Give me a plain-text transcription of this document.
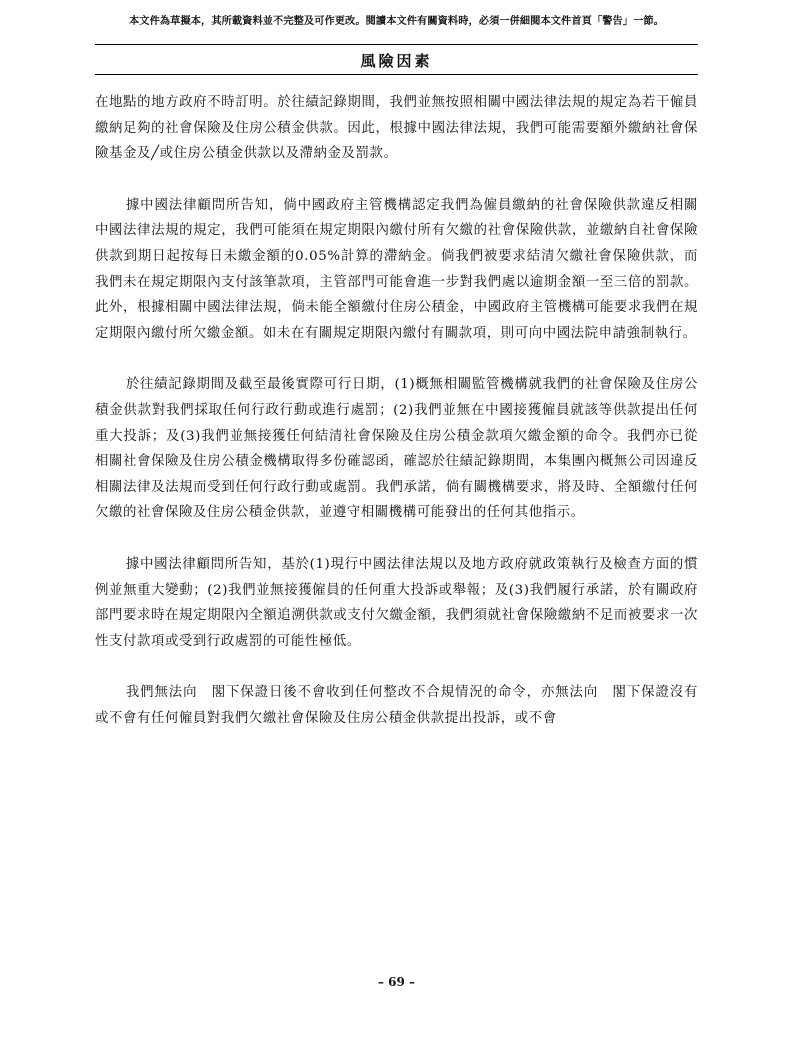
本文件為草擬本，其所載資料並不完整及可作更改。閱讀本文件有關資料時，必須一併細閱本文件首頁「警告」一節。
風險因素

在地點的地方政府不時訂明。於往績記錄期間，我們並無按照相關中國法律法規的規定為若干僱員繳納足夠的社會保險及住房公積金供款。因此，根據中國法律法規，我們可能需要額外繳納社會保險基金及╱或住房公積金供款以及滯納金及罰款。

據中國法律顧問所告知，倘中國政府主管機構認定我們為僱員繳納的社會保險供款違反相關中國法律法規的規定，我們可能須在規定期限內繳付所有欠繳的社會保險供款，並繳納自社會保險供款到期日起按每日未繳金額的0.05%計算的滯納金。倘我們被要求結清欠繳社會保險供款，而我們未在規定期限內支付該筆款項，主管部門可能會進一步對我們處以逾期金額一至三倍的罰款。此外，根據相關中國法律法規，倘未能全額繳付住房公積金，中國政府主管機構可能要求我們在規定期限內繳付所欠繳金額。如未在有關規定期限內繳付有關款項，則可向中國法院申請強制執行。

於往績記錄期間及截至最後實際可行日期，(1)概無相關監管機構就我們的社會保險及住房公積金供款對我們採取任何行政行動或進行處罰；(2)我們並無在中國接獲僱員就該等供款提出任何重大投訴；及(3)我們並無接獲任何結清社會保險及住房公積金款項欠繳金額的命令。我們亦已從相關社會保險及住房公積金機構取得多份確認函，確認於往績記錄期間，本集團內概無公司因違反相關法律及法規而受到任何行政行動或處罰。我們承諾，倘有關機構要求，將及時、全額繳付任何欠繳的社會保險及住房公積金供款，並遵守相關機構可能發出的任何其他指示。

據中國法律顧問所告知，基於(1)現行中國法律法規以及地方政府就政策執行及檢查方面的慣例並無重大變動；(2)我們並無接獲僱員的任何重大投訴或舉報；及(3)我們履行承諾，於有關政府部門要求時在規定期限內全額追溯供款或支付欠繳金額，我們須就社會保險繳納不足而被要求一次性支付款項或受到行政處罰的可能性極低。

我們無法向　閣下保證日後不會收到任何整改不合規情況的命令，亦無法向　閣下保證沒有或不會有任何僱員對我們欠繳社會保險及住房公積金供款提出投訴，或不會

– 69 –
